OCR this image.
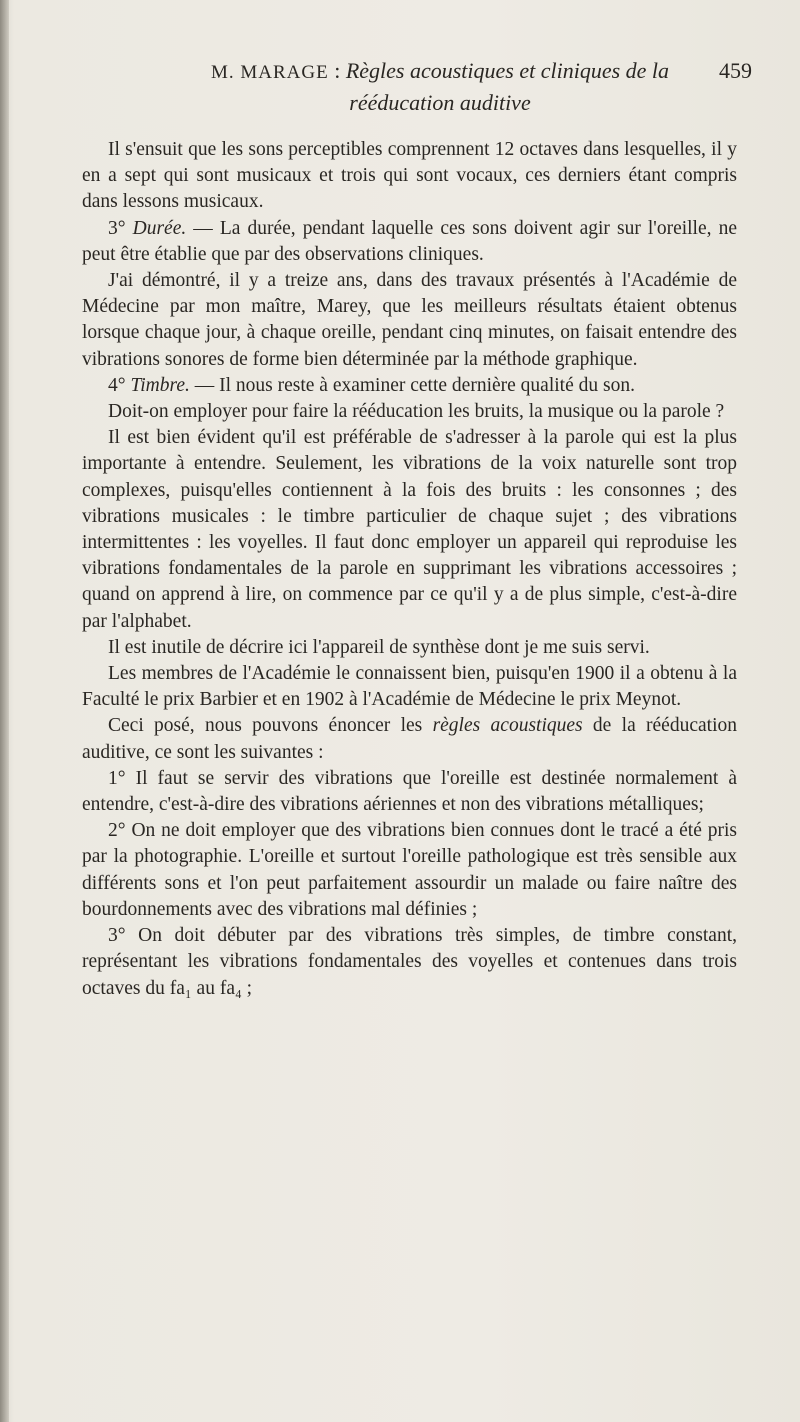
M. MARAGE : Règles acoustiques et cliniques de la
rééducation auditive
459

Il s'ensuit que les sons perceptibles comprennent 12 octaves dans lesquelles, il y en a sept qui sont musicaux et trois qui sont vocaux, ces derniers étant compris dans lessons musicaux.

3° Durée. — La durée, pendant laquelle ces sons doivent agir sur l'oreille, ne peut être établie que par des observations cliniques.

J'ai démontré, il y a treize ans, dans des travaux présentés à l'Académie de Médecine par mon maître, Marey, que les meilleurs résultats étaient obtenus lorsque chaque jour, à chaque oreille, pendant cinq minutes, on faisait entendre des vibrations sonores de forme bien déterminée par la méthode graphique.

4° Timbre. — Il nous reste à examiner cette dernière qualité du son.

Doit-on employer pour faire la rééducation les bruits, la musique ou la parole ?

Il est bien évident qu'il est préférable de s'adresser à la parole qui est la plus importante à entendre. Seulement, les vibrations de la voix naturelle sont trop complexes, puisqu'elles contiennent à la fois des bruits : les consonnes ; des vibrations musicales : le timbre particulier de chaque sujet ; des vibrations intermittentes : les voyelles. Il faut donc employer un appareil qui reproduise les vibrations fondamentales de la parole en supprimant les vibrations accessoires ; quand on apprend à lire, on commence par ce qu'il y a de plus simple, c'est-à-dire par l'alphabet.

Il est inutile de décrire ici l'appareil de synthèse dont je me suis servi.

Les membres de l'Académie le connaissent bien, puisqu'en 1900 il a obtenu à la Faculté le prix Barbier et en 1902 à l'Académie de Médecine le prix Meynot.

Ceci posé, nous pouvons énoncer les règles acoustiques de la rééducation auditive, ce sont les suivantes :

1° Il faut se servir des vibrations que l'oreille est destinée normalement à entendre, c'est-à-dire des vibrations aériennes et non des vibrations métalliques;

2° On ne doit employer que des vibrations bien connues dont le tracé a été pris par la photographie. L'oreille et surtout l'oreille pathologique est très sensible aux différents sons et l'on peut parfaitement assourdir un malade ou faire naître des bourdonnements avec des vibrations mal définies ;

3° On doit débuter par des vibrations très simples, de timbre constant, représentant les vibrations fondamentales des voyelles et contenues dans trois octaves du fa₁ au fa₄ ;
